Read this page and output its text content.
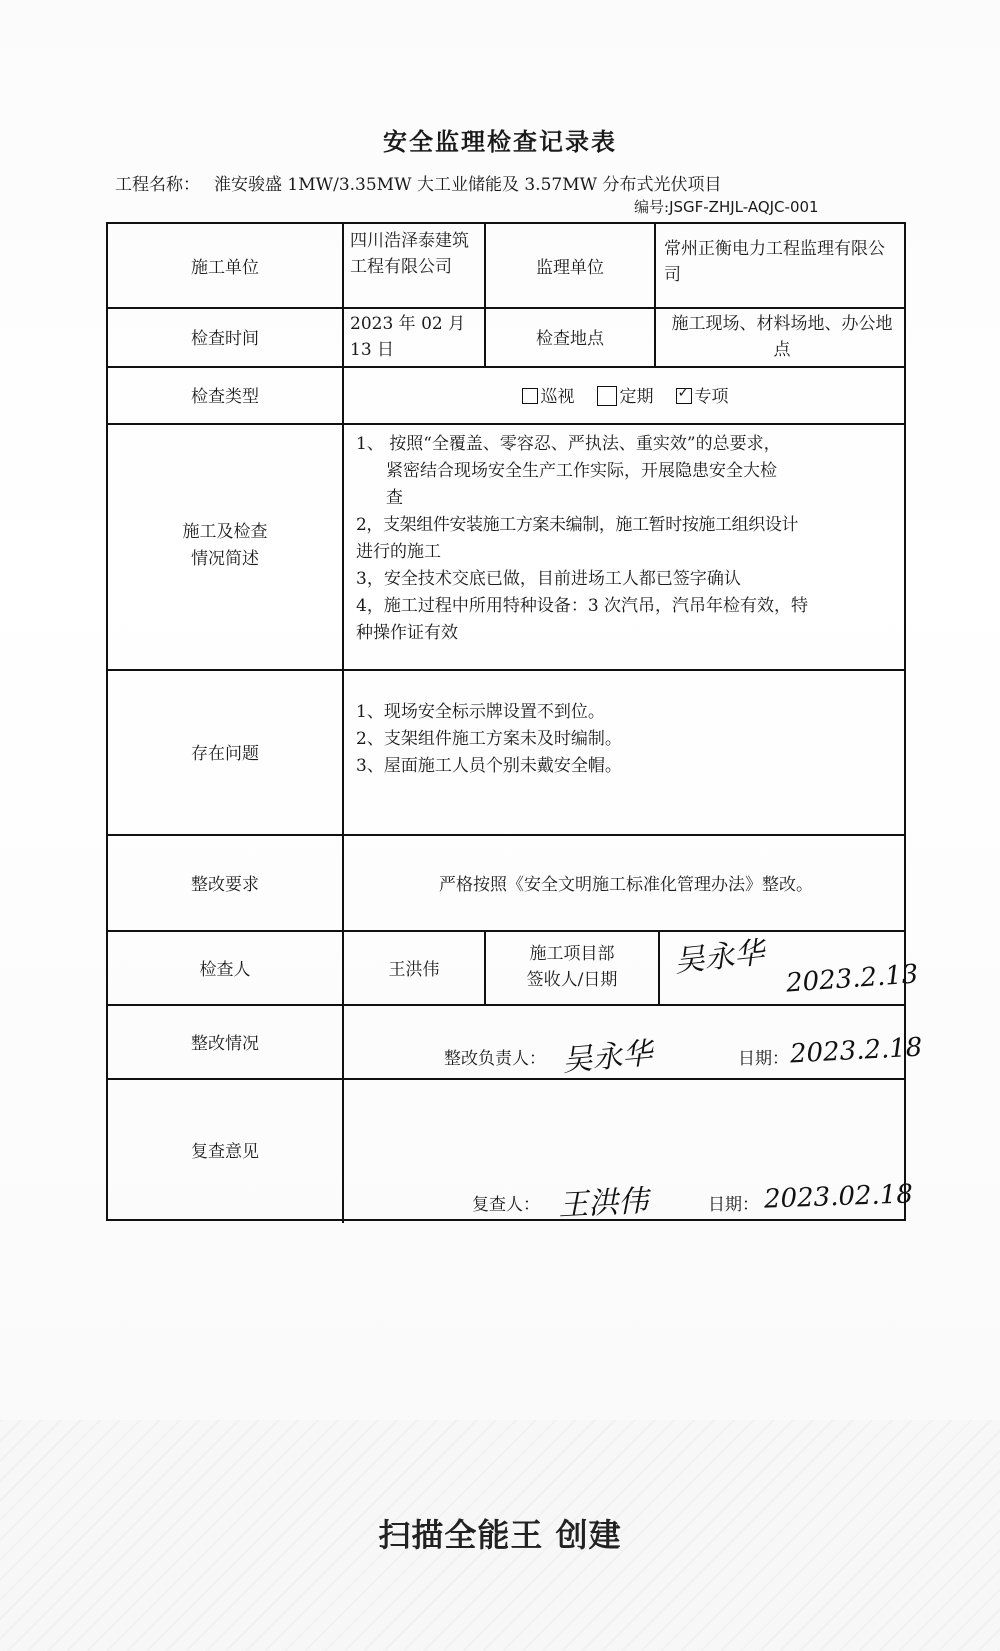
安全监理检查记录表
工程名称： 淮安骏盛 1MW/3.35MW 大工业储能及 3.57MW 分布式光伏项目
编号:JSGF-ZHJL-AQJC-001
施工单位
四川浩泽泰建筑工程有限公司	监理单位
常州正衡电力工程监理有限公司
检查时间
2023 年 02 月 13 日
检查地点
施工现场、材料场地、办公地点
检查类型	巡视	定期
✓	专项
施工及检查
情况简述
1、 按照“全覆盖、零容忍、严执法、重实效”的总要求，
紧密结合现场安全生产工作实际，开展隐患安全大检
查
2，支架组件安装施工方案未编制，施工暂时按施工组织设计
进行的施工
3，安全技术交底已做，目前进场工人都已签字确认
4，施工过程中所用特种设备：3 次汽吊，汽吊年检有效，特
种操作证有效
存在问题
1、现场安全标示牌设置不到位。
2、支架组件施工方案未及时编制。
3、屋面施工人员个别未戴安全帽。
整改要求	严格按照《安全文明施工标准化管理办法》整改。
检查人	王洪伟
施工项目部
签收人/日期
吴永华 2023.2.13
整改情况
整改负责人： 吴永华	日期： 2023.2.18
复查意见
复查人： 王洪伟	日期： 2023.02.18
扫描全能王 创建
